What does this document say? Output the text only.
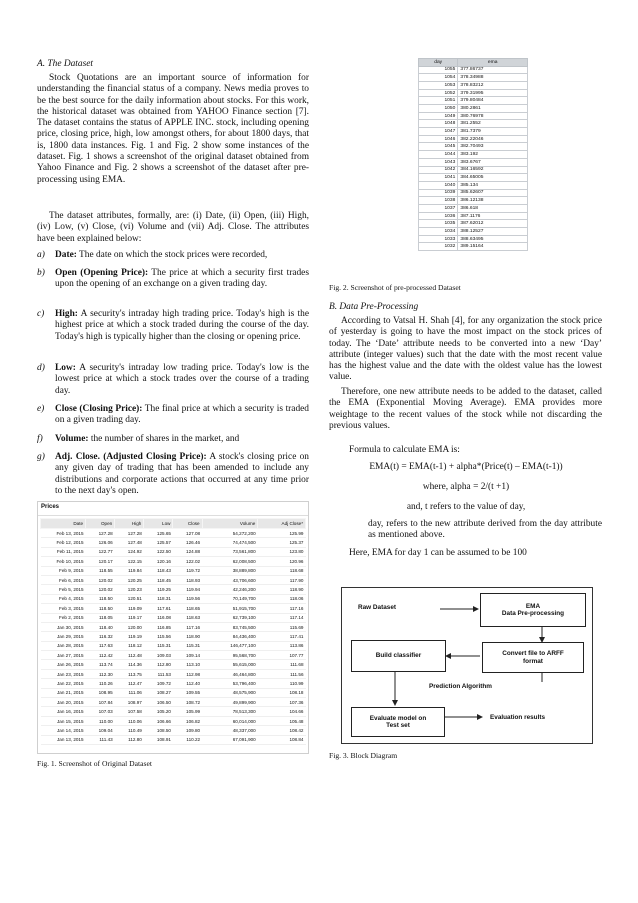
A. The Dataset

Stock Quotations are an important source of information for understanding the financial status of a company. News media proves to be the best source for the daily information about stocks. For this work, the historical dataset was obtained from YAHOO Finance section [7]. The dataset contains the status of APPLE INC. stock, including opening price, closing price, high, low amongst others, for about 1800 days, that is, 1800 data instances. Fig. 1 and Fig. 2 show some instances of the dataset. Fig. 1 shows a screenshot of the original dataset obtained from Yahoo Finance and Fig. 2 shows a screenshot of the dataset after pre-processing using EMA.

The dataset attributes, formally, are: (i) Date, (ii) Open, (iii) High, (iv) Low, (v) Close, (vi) Volume and (vii) Adj. Close. The attributes have been explained below:

a) Date: The date on which the stock prices were recorded,

b) Open (Opening Price): The price at which a security first trades upon the opening of an exchange on a given trading day.

c) High: A security's intraday high trading price. Today's high is the highest price at which a stock traded during the course of the day. Today's high is typically higher than the closing or opening price.

d) Low: A security's intraday low trading price. Today's low is the lowest price at which a stock trades over the course of a trading day.

e) Close (Closing Price): The final price at which a security is traded on a given trading day.

f) Volume: the number of shares in the market, and

g) Adj. Close. (Adjusted Closing Price): A stock's closing price on any given day of trading that has been amended to include any distributions and corporate actions that occurred at any time prior to the next day's open.

Prices
Date	Open	High	Low	Close	Volume	Adj Close*
Feb 13, 2015	127.28	127.28	125.65	127.08	54,272,200	125.99
Feb 12, 2015	126.06	127.48	125.57	126.46	74,474,500	125.37
Feb 11, 2015	122.77	124.92	122.50	124.88	73,561,800	123.80
Feb 10, 2015	120.17	122.15	120.16	122.02	62,008,500	120.96
Feb 9, 2015	118.55	119.84	118.43	119.72	38,889,800	118.68
Feb 6, 2015	120.02	120.25	118.45	118.93	43,706,600	117.90
Feb 5, 2015	120.02	120.23	119.25	119.94	42,246,200	118.90
Feb 4, 2015	118.50	120.51	118.31	119.56	70,149,700	118.06
Feb 3, 2015	118.50	119.09	117.61	118.65	51,915,700	117.16
Feb 2, 2015	118.05	119.17	116.08	118.63	62,739,100	117.14
Jan 30, 2015	118.40	120.00	116.85	117.16	83,745,500	115.69
Jan 29, 2015	116.32	119.19	115.56	118.90	84,436,400	117.41
Jan 28, 2015	117.63	118.12	115.31	115.31	146,477,100	113.86
Jan 27, 2015	112.42	112.48	109.03	109.14	95,568,700	107.77
Jan 26, 2015	113.74	114.36	112.80	113.10	55,615,000	111.68
Jan 23, 2015	112.30	113.75	111.53	112.98	46,464,800	111.56
Jan 22, 2015	110.26	112.47	109.72	112.40	53,796,400	110.99
Jan 21, 2015	108.95	111.06	108.27	109.55	48,575,900	108.18
Jan 20, 2015	107.84	108.97	106.50	108.72	49,899,900	107.36
Jan 16, 2015	107.03	107.58	105.20	105.99	78,513,300	104.66
Jan 15, 2015	110.00	110.06	106.66	106.82	60,014,000	105.48
Jan 14, 2015	109.04	110.49	108.50	109.80	48,337,000	108.42
Jan 13, 2015	111.43	112.80	108.91	110.22	67,091,900	108.84

Fig. 1. Screenshot of Original Dataset

day	ema
1055	377.86737
1054	378.34988
1053	378.83212
1052	379.31995
1051	379.80484
1050	380.2861
1049	380.76978
1048	381.2552
1047	381.7379
1046	382.22046
1045	382.70493
1044	383.192
1043	383.6767
1042	384.16592
1041	384.65005
1040	385.134
1039	385.62607
1038	386.12138
1037	386.618
1036	387.1176
1035	387.62012
1034	388.12527
1033	388.63495
1032	389.15164

Fig. 2. Screenshot of pre-processed Dataset

B. Data Pre-Processing

According to Vatsal H. Shah [4], for any organization the stock price of yesterday is going to have the most impact on the stock prices of today. The ‘Date’ attribute needs to be converted into a new ‘Day’ attribute (integer values) such that the date with the most recent value has the highest value and the date with the oldest value has the lowest value.

Therefore, one new attribute needs to be added to the dataset, called the EMA (Exponential Moving Average). EMA provides more weightage to the recent values of the stock while not discarding the previous values.

Formula to calculate EMA is:

EMA(t) = EMA(t-1) + alpha*(Price(t) – EMA(t-1))

where, alpha = 2/(t +1)

and, t refers to the value of day,

day, refers to the new attribute derived from the day attribute as mentioned above.

Here, EMA for day 1 can be assumed to be 100

Raw Dataset	EMA
Data Pre-processing
Build classifier	Convert file to ARFF
format
Prediction Algorithm
Evaluate model on
Test set
Evaluation results

Fig. 3. Block Diagram
